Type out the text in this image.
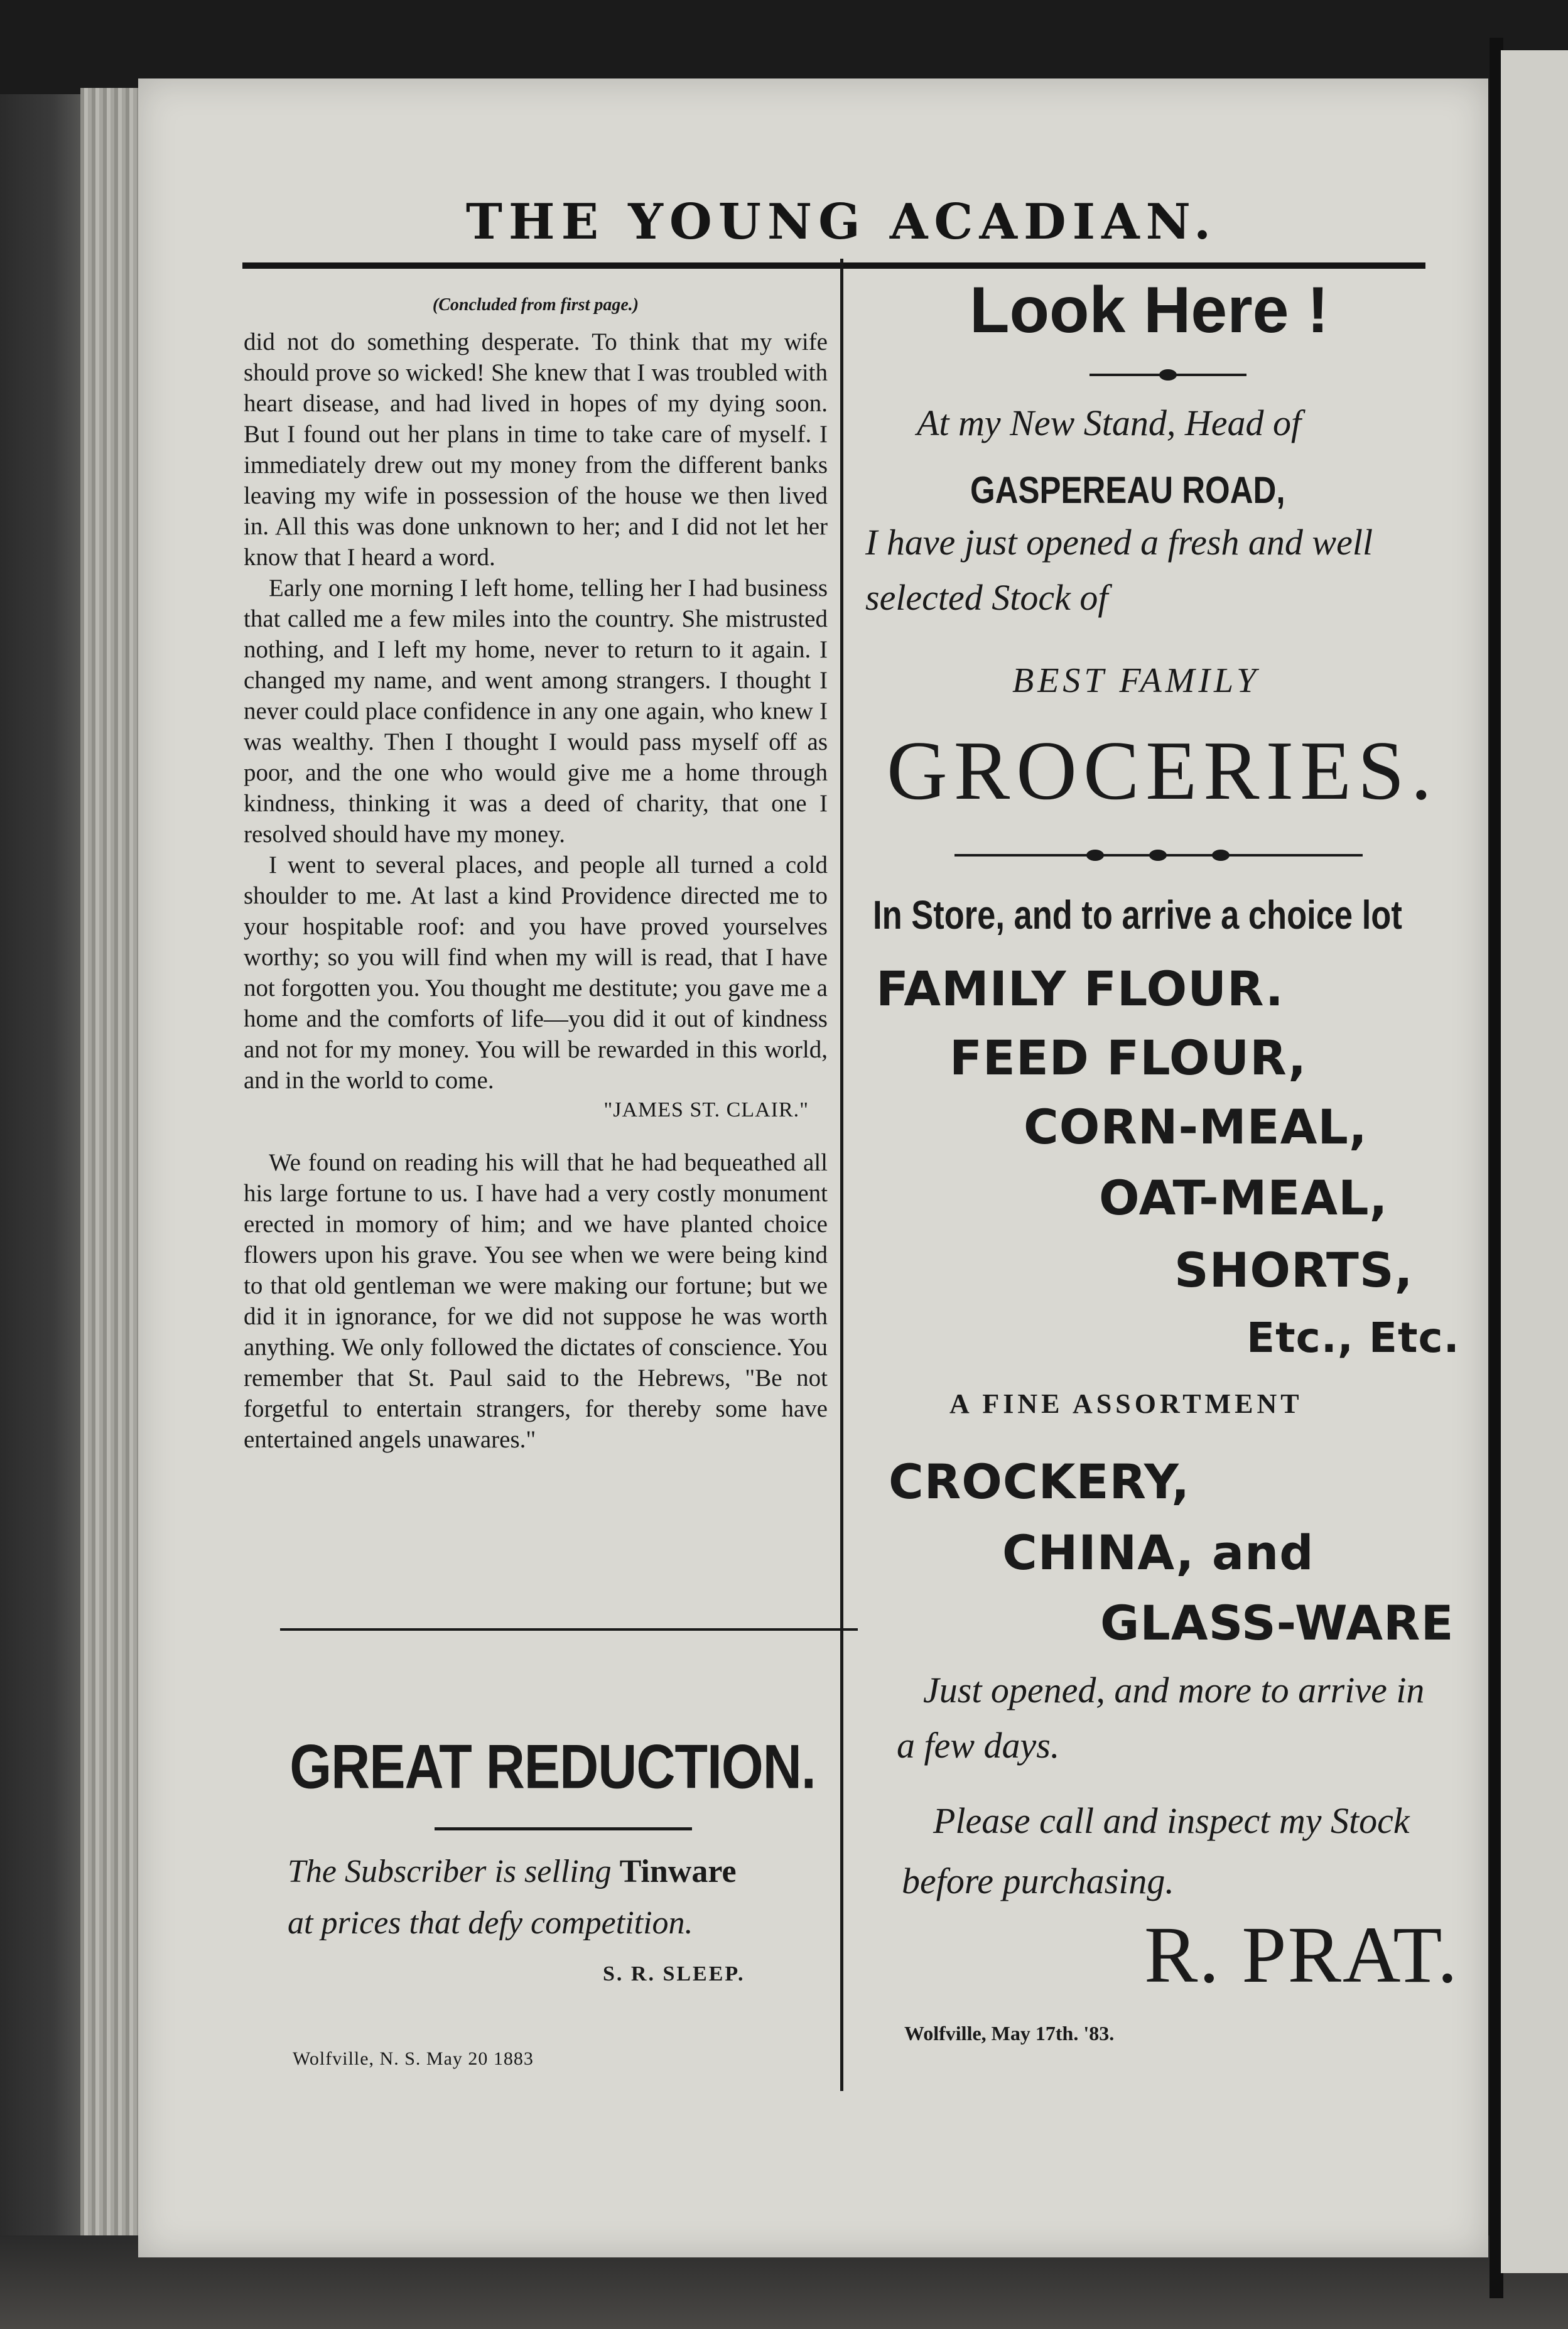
THE YOUNG ACADIAN.
(Concluded from first page.)

did not do something desperate. To think that my wife should prove so wicked! She knew that I was troubled with heart disease, and had lived in hopes of my dying soon. But I found out her plans in time to take care of myself. I immediately drew out my money from the different banks leaving my wife in possession of the house we then lived in. All this was done unknown to her; and I did not let her know that I heard a word.

Early one morning I left home, telling her I had business that called me a few miles into the country. She mistrusted nothing, and I left my home, never to return to it again. I changed my name, and went among strangers. I thought I never could place confidence in any one again, who knew I was wealthy. Then I thought I would pass myself off as poor, and the one who would give me a home through kindness, thinking it was a deed of charity, that one I resolved should have my money.

I went to several places, and people all turned a cold shoulder to me. At last a kind Providence directed me to your hospitable roof: and you have proved yourselves worthy; so you will find when my will is read, that I have not forgotten you. You thought me destitute; you gave me a home and the comforts of life—you did it out of kindness and not for my money. You will be rewarded in this world, and in the world to come.

"JAMES ST. CLAIR."

We found on reading his will that he had bequeathed all his large fortune to us. I have had a very costly monument erected in momory of him; and we have planted choice flowers upon his grave. You see when we were being kind to that old gentleman we were making our fortune; but we did it in ignorance, for we did not suppose he was worth anything. We only followed the dictates of conscience. You remember that St. Paul said to the Hebrews, "Be not forgetful to entertain strangers, for thereby some have entertained angels unawares."

GREAT REDUCTION.
The Subscriber is selling Tinware
at prices that defy competition.
S. R. SLEEP.
Wolfville, N. S. May 20 1883
Look Here !
At my New Stand, Head of
GASPEREAU ROAD,
I have just opened a fresh and well
selected Stock of
BEST FAMILY
GROCERIES.
In Store, and to arrive a choice lot
FAMILY FLOUR.
FEED FLOUR,
CORN-MEAL,
OAT-MEAL,
SHORTS,
Etc., Etc.
A FINE ASSORTMENT
CROCKERY,
CHINA, and
GLASS-WARE
Just opened, and more to arrive in
a few days.
Please call and inspect my Stock
before purchasing.
R. PRAT.
Wolfville, May 17th. '83.
